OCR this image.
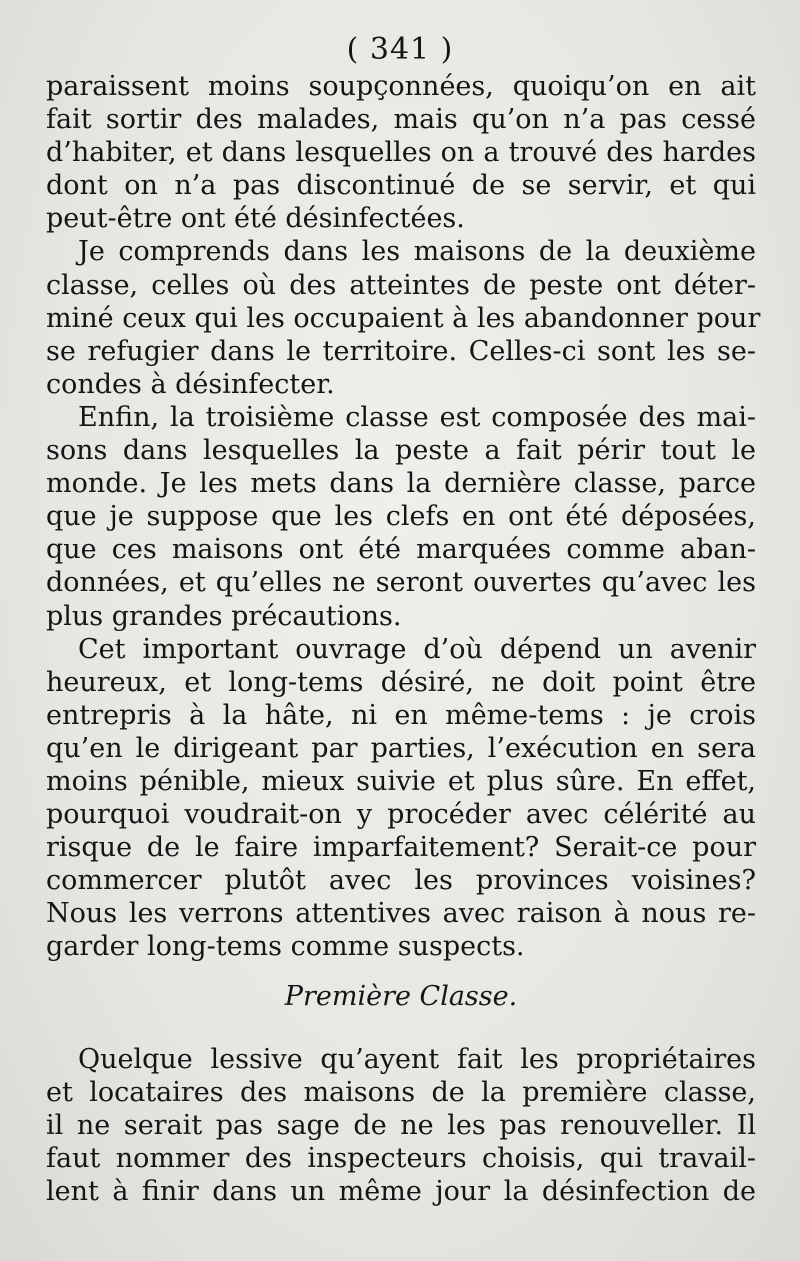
( 341 )
paraissent moins soupçonnées, quoiqu’on en ait
fait sortir des malades, mais qu’on n’a pas cessé
d’habiter, et dans lesquelles on a trouvé des hardes
dont on n’a pas discontinué de se servir, et qui
peut-être ont été désinfectées.
Je comprends dans les maisons de la deuxième
classe, celles où des atteintes de peste ont déter-
miné ceux qui les occupaient à les abandonner pour
se refugier dans le territoire. Celles-ci sont les se-
condes à désinfecter.
Enfin, la troisième classe est composée des mai-
sons dans lesquelles la peste a fait périr tout le
monde. Je les mets dans la dernière classe, parce
que je suppose que les clefs en ont été déposées,
que ces maisons ont été marquées comme aban-
données, et qu’elles ne seront ouvertes qu’avec les
plus grandes précautions.
Cet important ouvrage d’où dépend un avenir
heureux, et long-tems désiré, ne doit point être
entrepris à la hâte, ni en même-tems : je crois
qu’en le dirigeant par parties, l’exécution en sera
moins pénible, mieux suivie et plus sûre. En effet,
pourquoi voudrait-on y procéder avec célérité au
risque de le faire imparfaitement? Serait-ce pour
commercer plutôt avec les provinces voisines?
Nous les verrons attentives avec raison à nous re-
garder long-tems comme suspects.
Première Classe.
Quelque lessive qu’ayent fait les propriétaires
et locataires des maisons de la première classe,
il ne serait pas sage de ne les pas renouveller. Il
faut nommer des inspecteurs choisis, qui travail-
lent à finir dans un même jour la désinfection de
